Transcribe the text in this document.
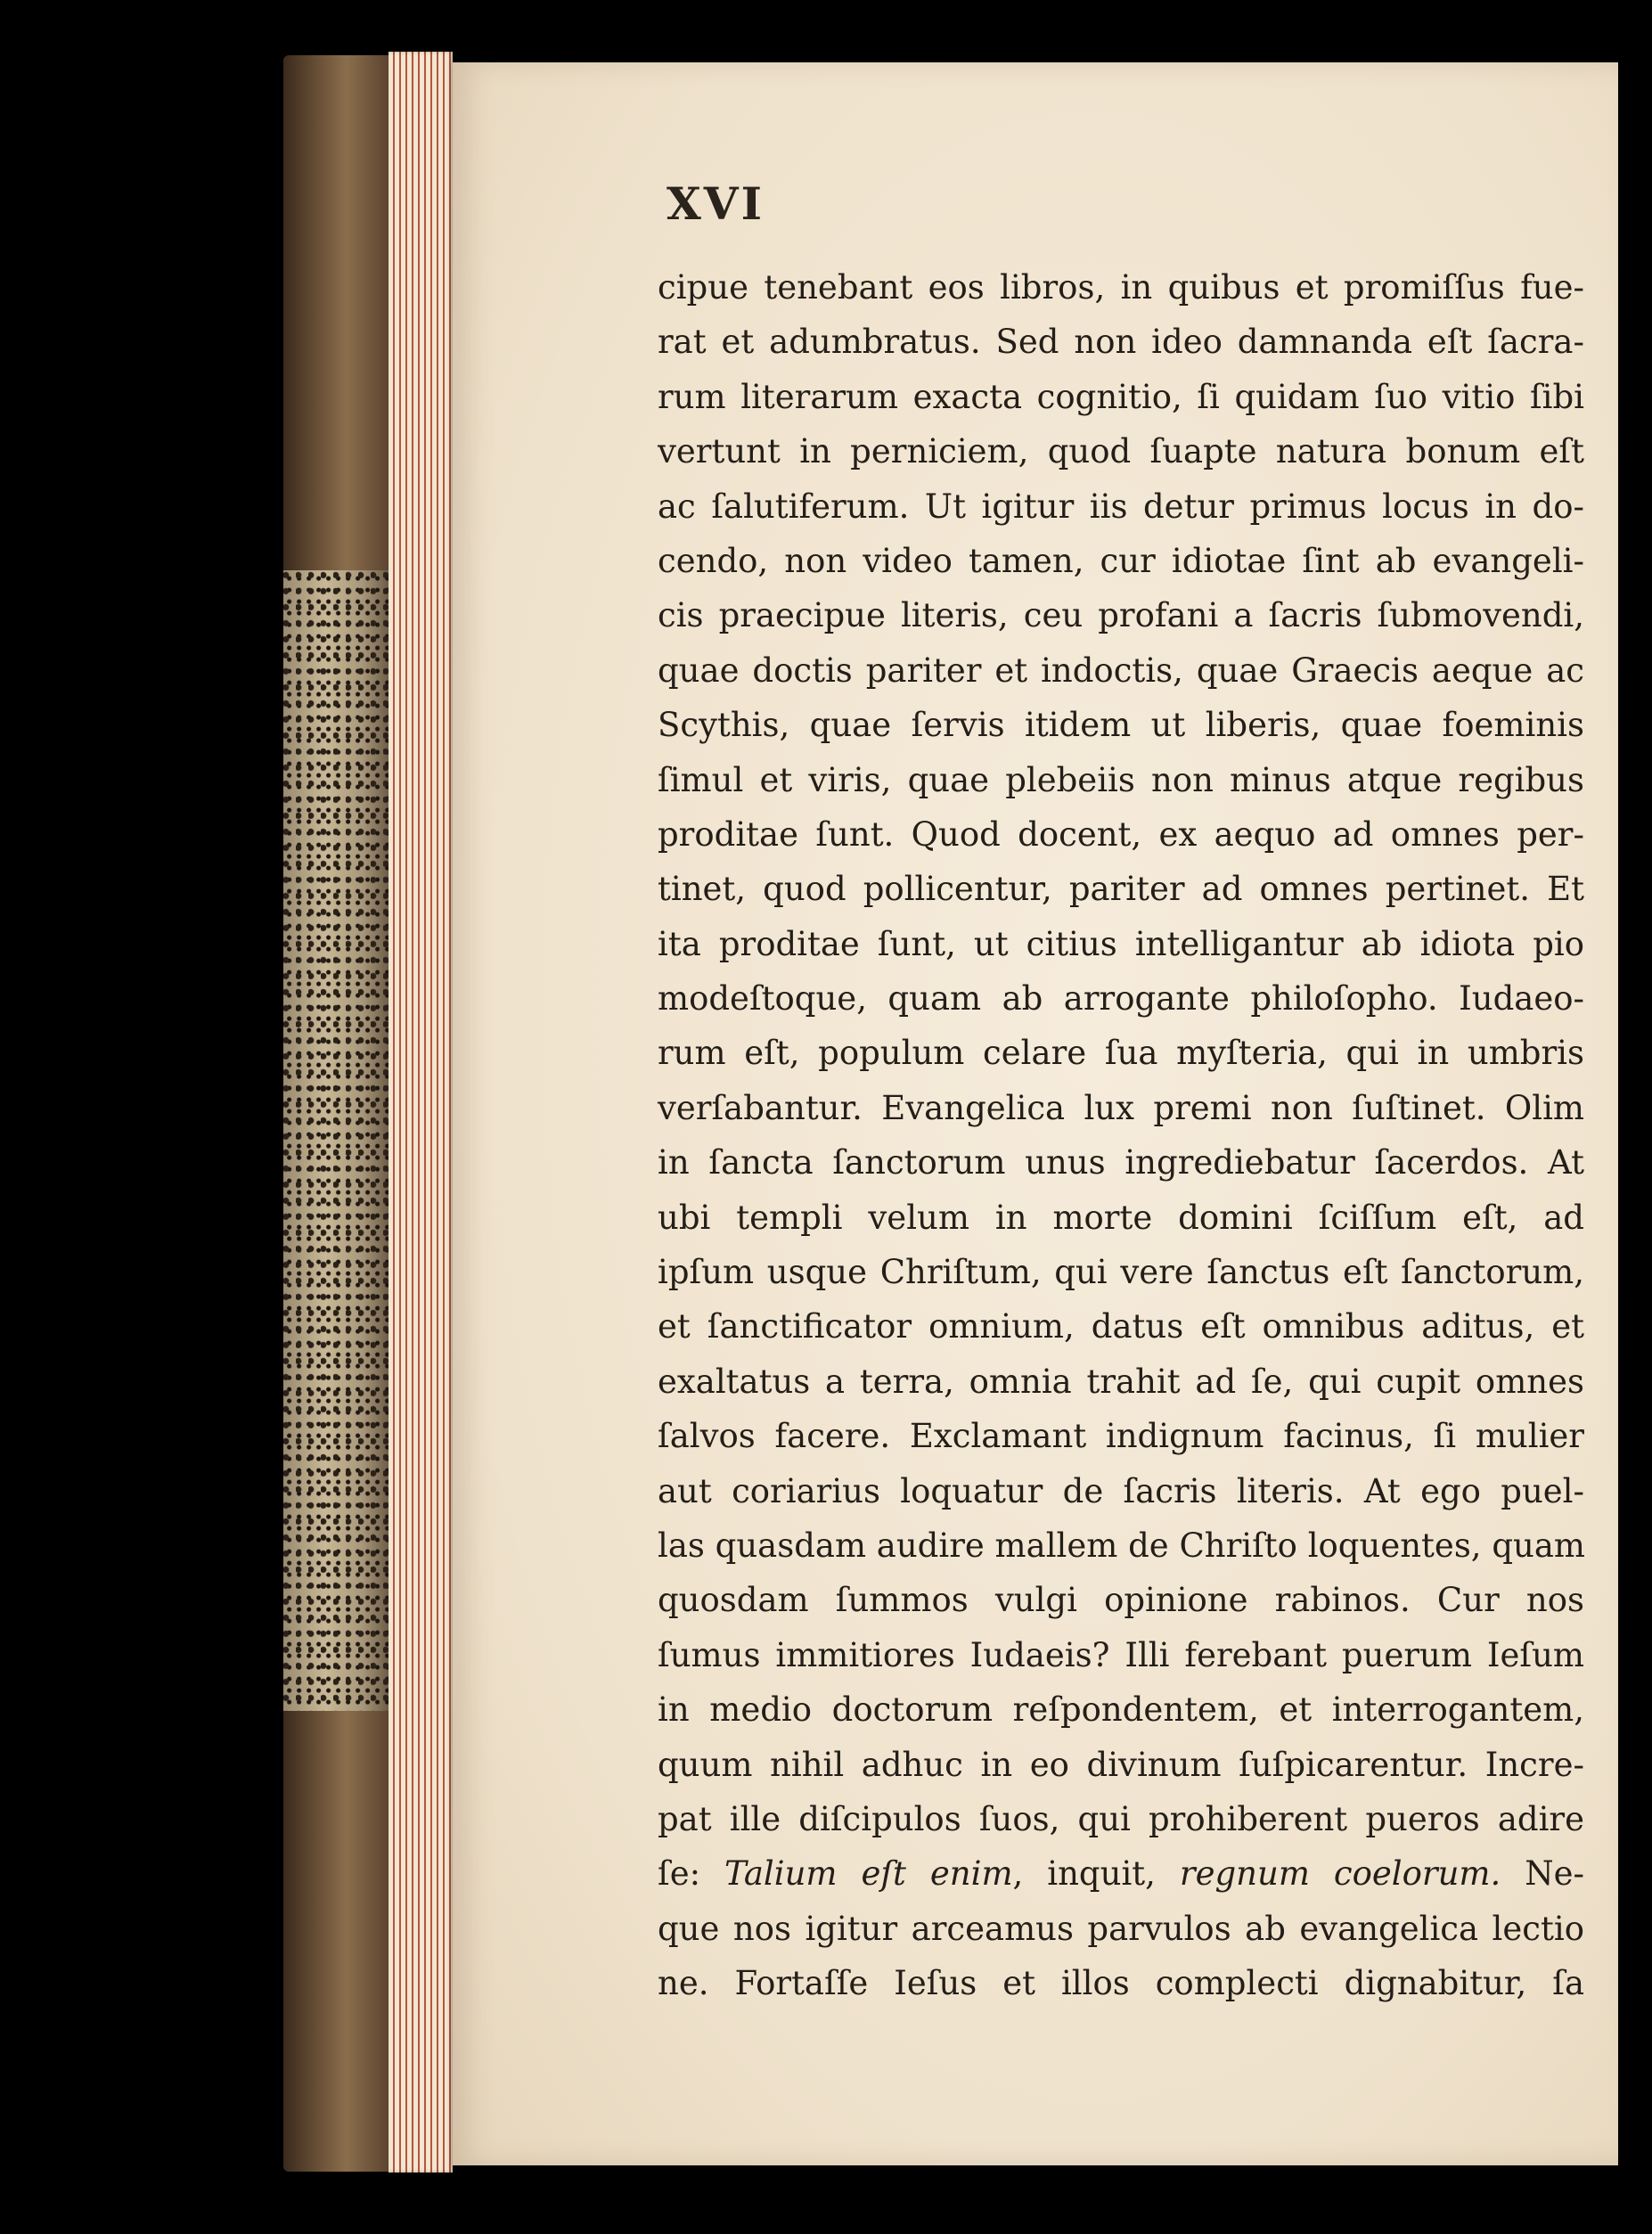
XVI
cipue tenebant eos libros, in quibus et promiſſus fue-
rat et adumbratus. Sed non ideo damnanda eſt ſacra-
rum literarum exacta cognitio, ſi quidam ſuo vitio ſibi
vertunt in perniciem, quod ſuapte natura bonum eſt
ac ſalutiferum. Ut igitur iis detur primus locus in do-
cendo, non video tamen, cur idiotae ſint ab evangeli-
cis praecipue literis, ceu profani a ſacris ſubmovendi,
quae doctis pariter et indoctis, quae Graecis aeque ac
Scythis, quae ſervis itidem ut liberis, quae foeminis
ſimul et viris, quae plebeiis non minus atque regibus
proditae ſunt. Quod docent, ex aequo ad omnes per-
tinet, quod pollicentur, pariter ad omnes pertinet. Et
ita proditae ſunt, ut citius intelligantur ab idiota pio
modeſtoque, quam ab arrogante philoſopho. Iudaeo-
rum eſt, populum celare ſua myſteria, qui in umbris
verſabantur. Evangelica lux premi non ſuſtinet. Olim
in ſancta ſanctorum unus ingrediebatur ſacerdos. At
ubi templi velum in morte domini ſciſſum eſt, ad
ipſum usque Chriſtum, qui vere ſanctus eſt ſanctorum,
et ſanctificator omnium, datus eſt omnibus aditus, et
exaltatus a terra, omnia trahit ad ſe, qui cupit omnes
ſalvos facere. Exclamant indignum facinus, ſi mulier
aut coriarius loquatur de ſacris literis. At ego puel-
las quasdam audire mallem de Chriſto loquentes, quam
quosdam ſummos vulgi opinione rabinos. Cur nos
ſumus immitiores Iudaeis? Illi ferebant puerum Ieſum
in medio doctorum reſpondentem, et interrogantem,
quum nihil adhuc in eo divinum ſuſpicarentur. Incre-
pat ille diſcipulos ſuos, qui prohiberent pueros adire
ſe: Talium eſt enim, inquit, regnum coelorum. Ne-
que nos igitur arceamus parvulos ab evangelica lectio
ne. Fortaſſe Ieſus et illos complecti dignabitur, ſa
